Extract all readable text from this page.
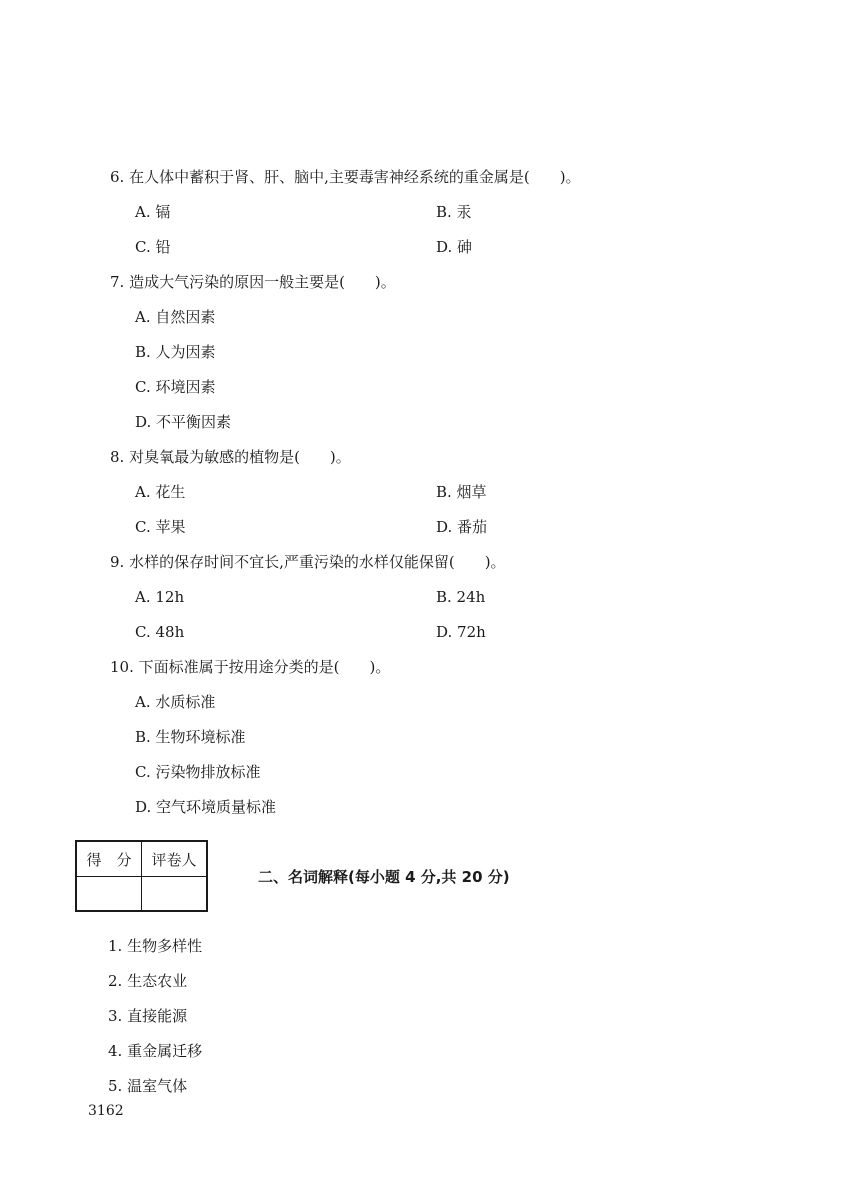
6. 在人体中蓄积于肾、肝、脑中,主要毒害神经系统的重金属是(　　)。
A. 镉	B. 汞
C. 铅	D. 砷
7. 造成大气污染的原因一般主要是(　　)。
A. 自然因素
B. 人为因素
C. 环境因素
D. 不平衡因素
8. 对臭氧最为敏感的植物是(　　)。
A. 花生	B. 烟草
C. 苹果	D. 番茄
9. 水样的保存时间不宜长,严重污染的水样仅能保留(　　)。
A. 12h	B. 24h
C. 48h	D. 72h
10. 下面标准属于按用途分类的是(　　)。
A. 水质标准
B. 生物环境标准
C. 污染物排放标准
D. 空气环境质量标准
得　分	评卷人

二、名词解释(每小题 4 分,共 20 分)
1. 生物多样性
2. 生态农业
3. 直接能源
4. 重金属迁移
5. 温室气体
3162
